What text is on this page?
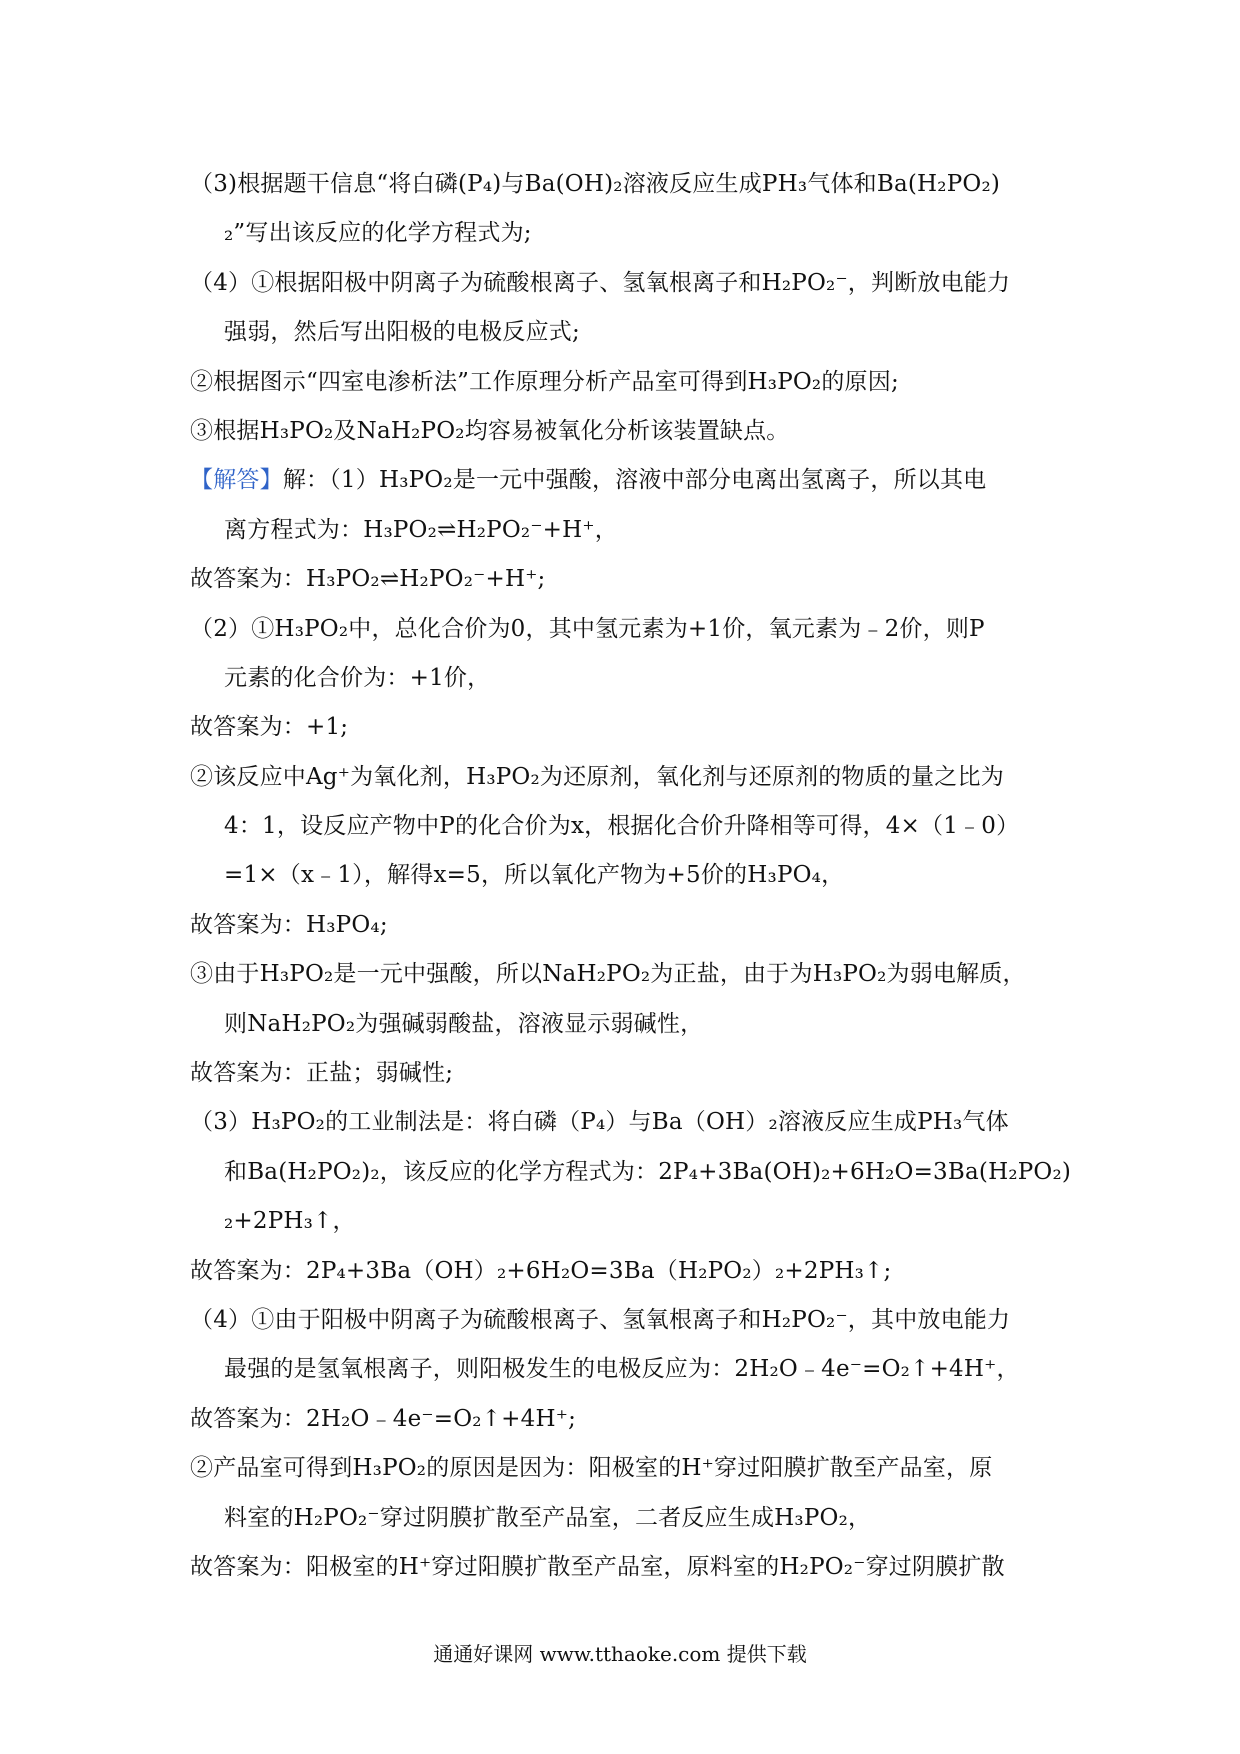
（3)根据题干信息“将白磷(P₄)与Ba(OH)₂溶液反应生成PH₃气体和Ba(H₂PO₂)
₂”写出该反应的化学方程式为;
（4）①根据阳极中阴离子为硫酸根离子、氢氧根离子和H₂PO₂⁻，判断放电能力
强弱，然后写出阳极的电极反应式;
②根据图示“四室电渗析法”工作原理分析产品室可得到H₃PO₂的原因;
③根据H₃PO₂及NaH₂PO₂均容易被氧化分析该装置缺点。
【解答】解：（1）H₃PO₂是一元中强酸，溶液中部分电离出氢离子，所以其电
离方程式为：H₃PO₂⇌H₂PO₂⁻+H⁺，
故答案为：H₃PO₂⇌H₂PO₂⁻+H⁺;
（2）①H₃PO₂中，总化合价为0，其中氢元素为+1价，氧元素为﹣2价，则P
元素的化合价为：+1价，
故答案为：+1;
②该反应中Ag⁺为氧化剂，H₃PO₂为还原剂，氧化剂与还原剂的物质的量之比为
4：1，设反应产物中P的化合价为x，根据化合价升降相等可得，4×（1﹣0）
=1×（x﹣1），解得x=5，所以氧化产物为+5价的H₃PO₄，
故答案为：H₃PO₄;
③由于H₃PO₂是一元中强酸，所以NaH₂PO₂为正盐，由于为H₃PO₂为弱电解质，
则NaH₂PO₂为强碱弱酸盐，溶液显示弱碱性，
故答案为：正盐；弱碱性;
（3）H₃PO₂的工业制法是：将白磷（P₄）与Ba（OH）₂溶液反应生成PH₃气体
和Ba(H₂PO₂)₂，该反应的化学方程式为：2P₄+3Ba(OH)₂+6H₂O=3Ba(H₂PO₂)
₂+2PH₃↑，
故答案为：2P₄+3Ba（OH）₂+6H₂O=3Ba（H₂PO₂）₂+2PH₃↑;
（4）①由于阳极中阴离子为硫酸根离子、氢氧根离子和H₂PO₂⁻，其中放电能力
最强的是氢氧根离子，则阳极发生的电极反应为：2H₂O﹣4e⁻=O₂↑+4H⁺，
故答案为：2H₂O﹣4e⁻=O₂↑+4H⁺;
②产品室可得到H₃PO₂的原因是因为：阳极室的H⁺穿过阳膜扩散至产品室，原
料室的H₂PO₂⁻穿过阴膜扩散至产品室，二者反应生成H₃PO₂，
故答案为：阳极室的H⁺穿过阳膜扩散至产品室，原料室的H₂PO₂⁻穿过阴膜扩散
通通好课网 www.tthaoke.com 提供下载
